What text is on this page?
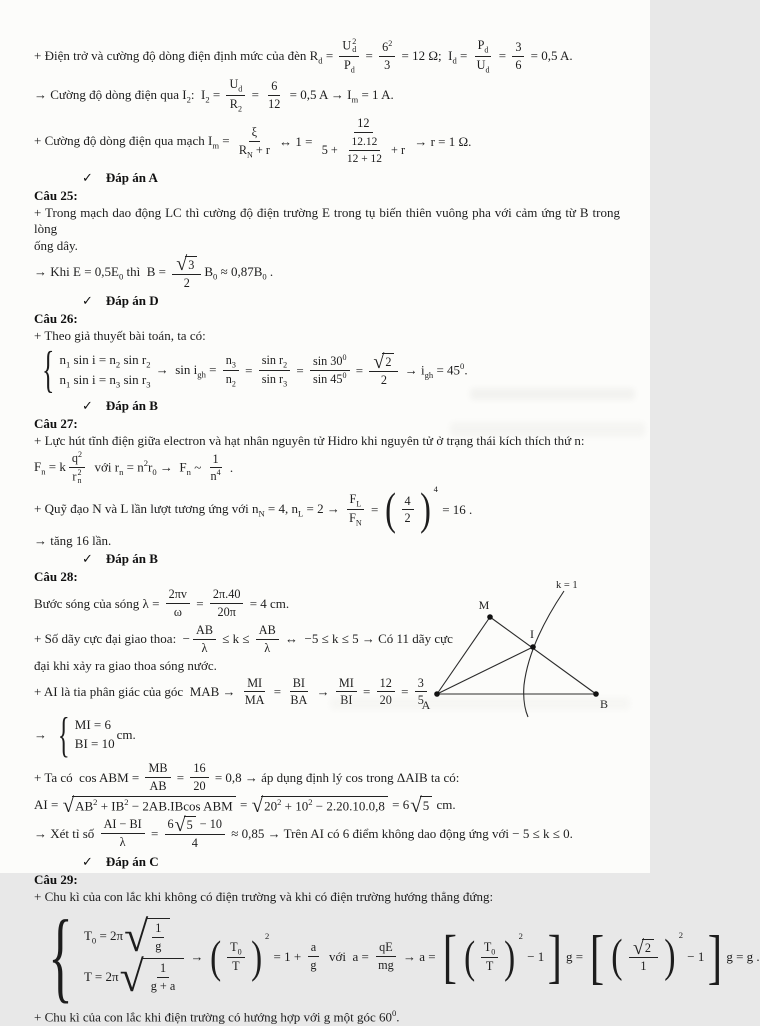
+ Điện trở và cường độ dòng điện định mức của đèn $R_d = U$ 2
d
$P_d = \frac{6^2}{3} = 12$ Ω;  $I_d = \frac{P_d}{U_d} = \frac{3}{6} = 0,5$ A.
→ Cường độ dòng điện qua $I_2$:  $I_2 = \frac{U_d}{R_2} = \frac{6}{12} = 0,5$ $A \to I_m = 1$ A.
+ Cường độ dòng điện qua mạch $I_m = \frac{\xi}{R_N + r}$ ↔ $1 = \frac{12}{5 + \frac{12.12}{12 + 12} + r} \to r = 1$ Ω.
✓ Đáp án A
Câu 25:
+ Trong mạch dao động LC thì cường độ điện trường E trong tụ biến thiên vuông pha với cảm ứng từ B trong lòng
ống dây.
→ Khi $E = 0,5E_0$ thì  $B = \frac{√ 3}{2} B_0 \approx 0,87B_0$ .
✓ Đáp án D
Câu 26:
+ Theo giả thuyết bài toán, ta có:
{ $n_1$ $\sin i = n_2$ $\sin r_2$
$n_1$ $\sin i = n_3$ $\sin r_3$
→  $\sin i_{gh} = \frac{n_3}{n_2} = \frac{\sin r_2}{\sin r_3} = \frac{\sin 30^0}{\sin 45^0} = \frac{√ 2}{2} \to i_{gh} = 45^0$.
✓ Đáp án B
Câu 27:
+ Lực hút tĩnh điện giữa electron và hạt nhân nguyên tử Hidro khi nguyên tử ở trạng thái kích thích thứ n:
$F_n = k$ $q^2$
r 2
n với $r_n = n^2r_0 \to F_n$ ~ $\frac{1}{n^4}$ .
+ Quỹ đạo N và L lần lượt tương ứng với $n_N = 4$, $n_L = 2 \to \frac{F_L}{F_N}$ = ( $\frac{4}{2}$ ) 4
= 16 .
→ tăng 16 lần.
✓ Đáp án B
Câu 28:
Bước sóng của sóng $\lambda = \frac{2\pi v}{\omega} = \frac{2\pi.40}{20\pi} = 4$ cm.
+ Số dãy cực đại giao thoa:  − $\frac{AB}{\lambda} \le k \le \frac{AB}{\lambda}$ ↔  −5 ≤ k ≤ 5 → Có 11 dãy cực
đại khi xảy ra giao thoa sóng nước.
+ AI là tia phân giác của góc  MAB → $\frac{MI}{MA} = \frac{BI}{BA} \to \frac{MI}{BI} = \frac{12}{20} = \frac{3}{5}$
→ { MI = 6
BI = 10
cm.
M
I
A	B
k = 1
+ Ta có  cos ABM = $\frac{MB}{AB} = \frac{16}{20} = 0,8$ → áp dụng định lý cos trong ΔAIB ta có:
AI = √ $AB^2 + IB^2 - 2AB.IBcos$ ABM = √ $20^2 + 10^2 - 2.20.10.0,8 = 6$ √ 5 cm.
→ Xét tỉ số $\frac{AI - BI}{\lambda} = \frac{6 √ 5 - 10}{4} \approx 0,85$ → Trên AI có 6 điểm không dao động ứng với − 5 ≤ k ≤ 0.
✓ Đáp án C
Câu 29:
+ Chu kì của con lắc khi không có điện trường và khi có điện trường hướng thẳng đứng:
{ $T_0 = 2\pi$ √ $\frac{1}{g}$
T = 2π √ $\frac{1}{g + a}$
→ ( $\frac{T_0}{T}$ ) 2
= $1 + \frac{a}{g}$ với  $a = \frac{qE}{mg} \to a$ = [ ( $\frac{T_0}{T}$ ) 2
− 1 ] g = [ ( $\frac{√ 2}{1}$ ) 2
− 1 ] g = g .
+ Chu kì của con lắc khi điện trường có hướng hợp với g một góc $60^0$.
